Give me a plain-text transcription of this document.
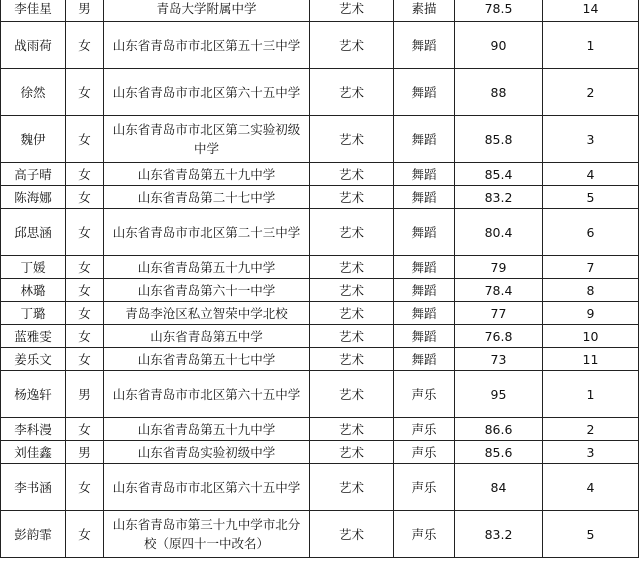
李佳星	男	青岛大学附属中学	艺术	素描	78.5	14
战雨荷	女	山东省青岛市市北区第五十三中学	艺术	舞蹈	90	1
徐然	女	山东省青岛市市北区第六十五中学	艺术	舞蹈	88	2
魏伊	女	山东省青岛市市北区第二实验初级中学	艺术	舞蹈	85.8	3
高子晴	女	山东省青岛第五十九中学	艺术	舞蹈	85.4	4
陈海娜	女	山东省青岛第二十七中学	艺术	舞蹈	83.2	5
邱思涵	女	山东省青岛市市北区第二十三中学	艺术	舞蹈	80.4	6
丁媛	女	山东省青岛第五十九中学	艺术	舞蹈	79	7
林璐	女	山东省青岛第六十一中学	艺术	舞蹈	78.4	8
丁璐	女	青岛李沧区私立智荣中学北校	艺术	舞蹈	77	9
蓝雅雯	女	山东省青岛第五中学	艺术	舞蹈	76.8	10
姜乐文	女	山东省青岛第五十七中学	艺术	舞蹈	73	11
杨逸轩	男	山东省青岛市市北区第六十五中学	艺术	声乐	95	1
李科漫	女	山东省青岛第五十九中学	艺术	声乐	86.6	2
刘佳鑫	男	山东省青岛实验初级中学	艺术	声乐	85.6	3
李书涵	女	山东省青岛市市北区第六十五中学	艺术	声乐	84	4
彭韵霏	女	山东省青岛市第三十九中学市北分校（原四十一中改名）	艺术	声乐	83.2	5
